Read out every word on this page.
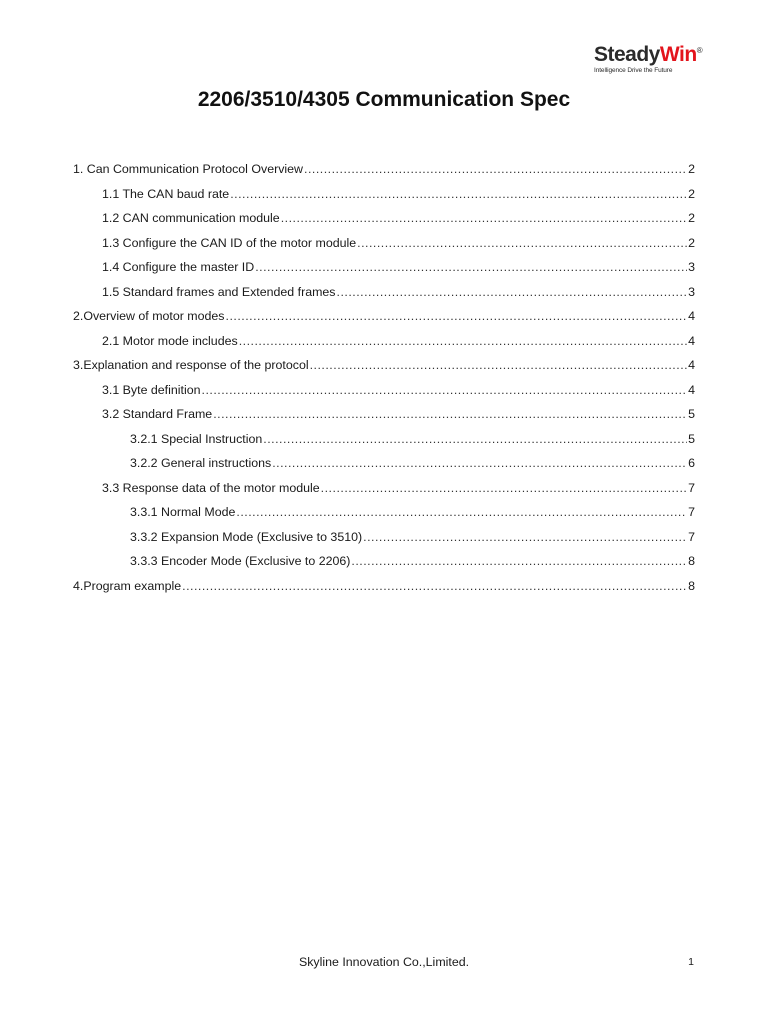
SteadyWin®
Intelligence Drive the Future
2206/3510/4305 Communication Spec
1. Can Communication Protocol Overview .....	2
1.1 The CAN baud rate .....	2
1.2 CAN communication module .....	2
1.3 Configure the CAN ID of the motor module .....	2
1.4 Configure the master ID .....	3
1.5 Standard frames and Extended frames .....	3
2.Overview of motor modes .....	4
2.1 Motor mode includes .....	4
3.Explanation and response of the protocol .....	4
3.1 Byte definition .....	4
3.2 Standard Frame .....	5
3.2.1 Special Instruction .....	5
3.2.2 General instructions .....	6
3.3 Response data of the motor module .....	7
3.3.1 Normal Mode .....	7
3.3.2 Expansion Mode (Exclusive to 3510) .....	7
3.3.3 Encoder Mode (Exclusive to 2206) .....	8
4.Program example .....	8
Skyline Innovation Co.,Limited.	1
